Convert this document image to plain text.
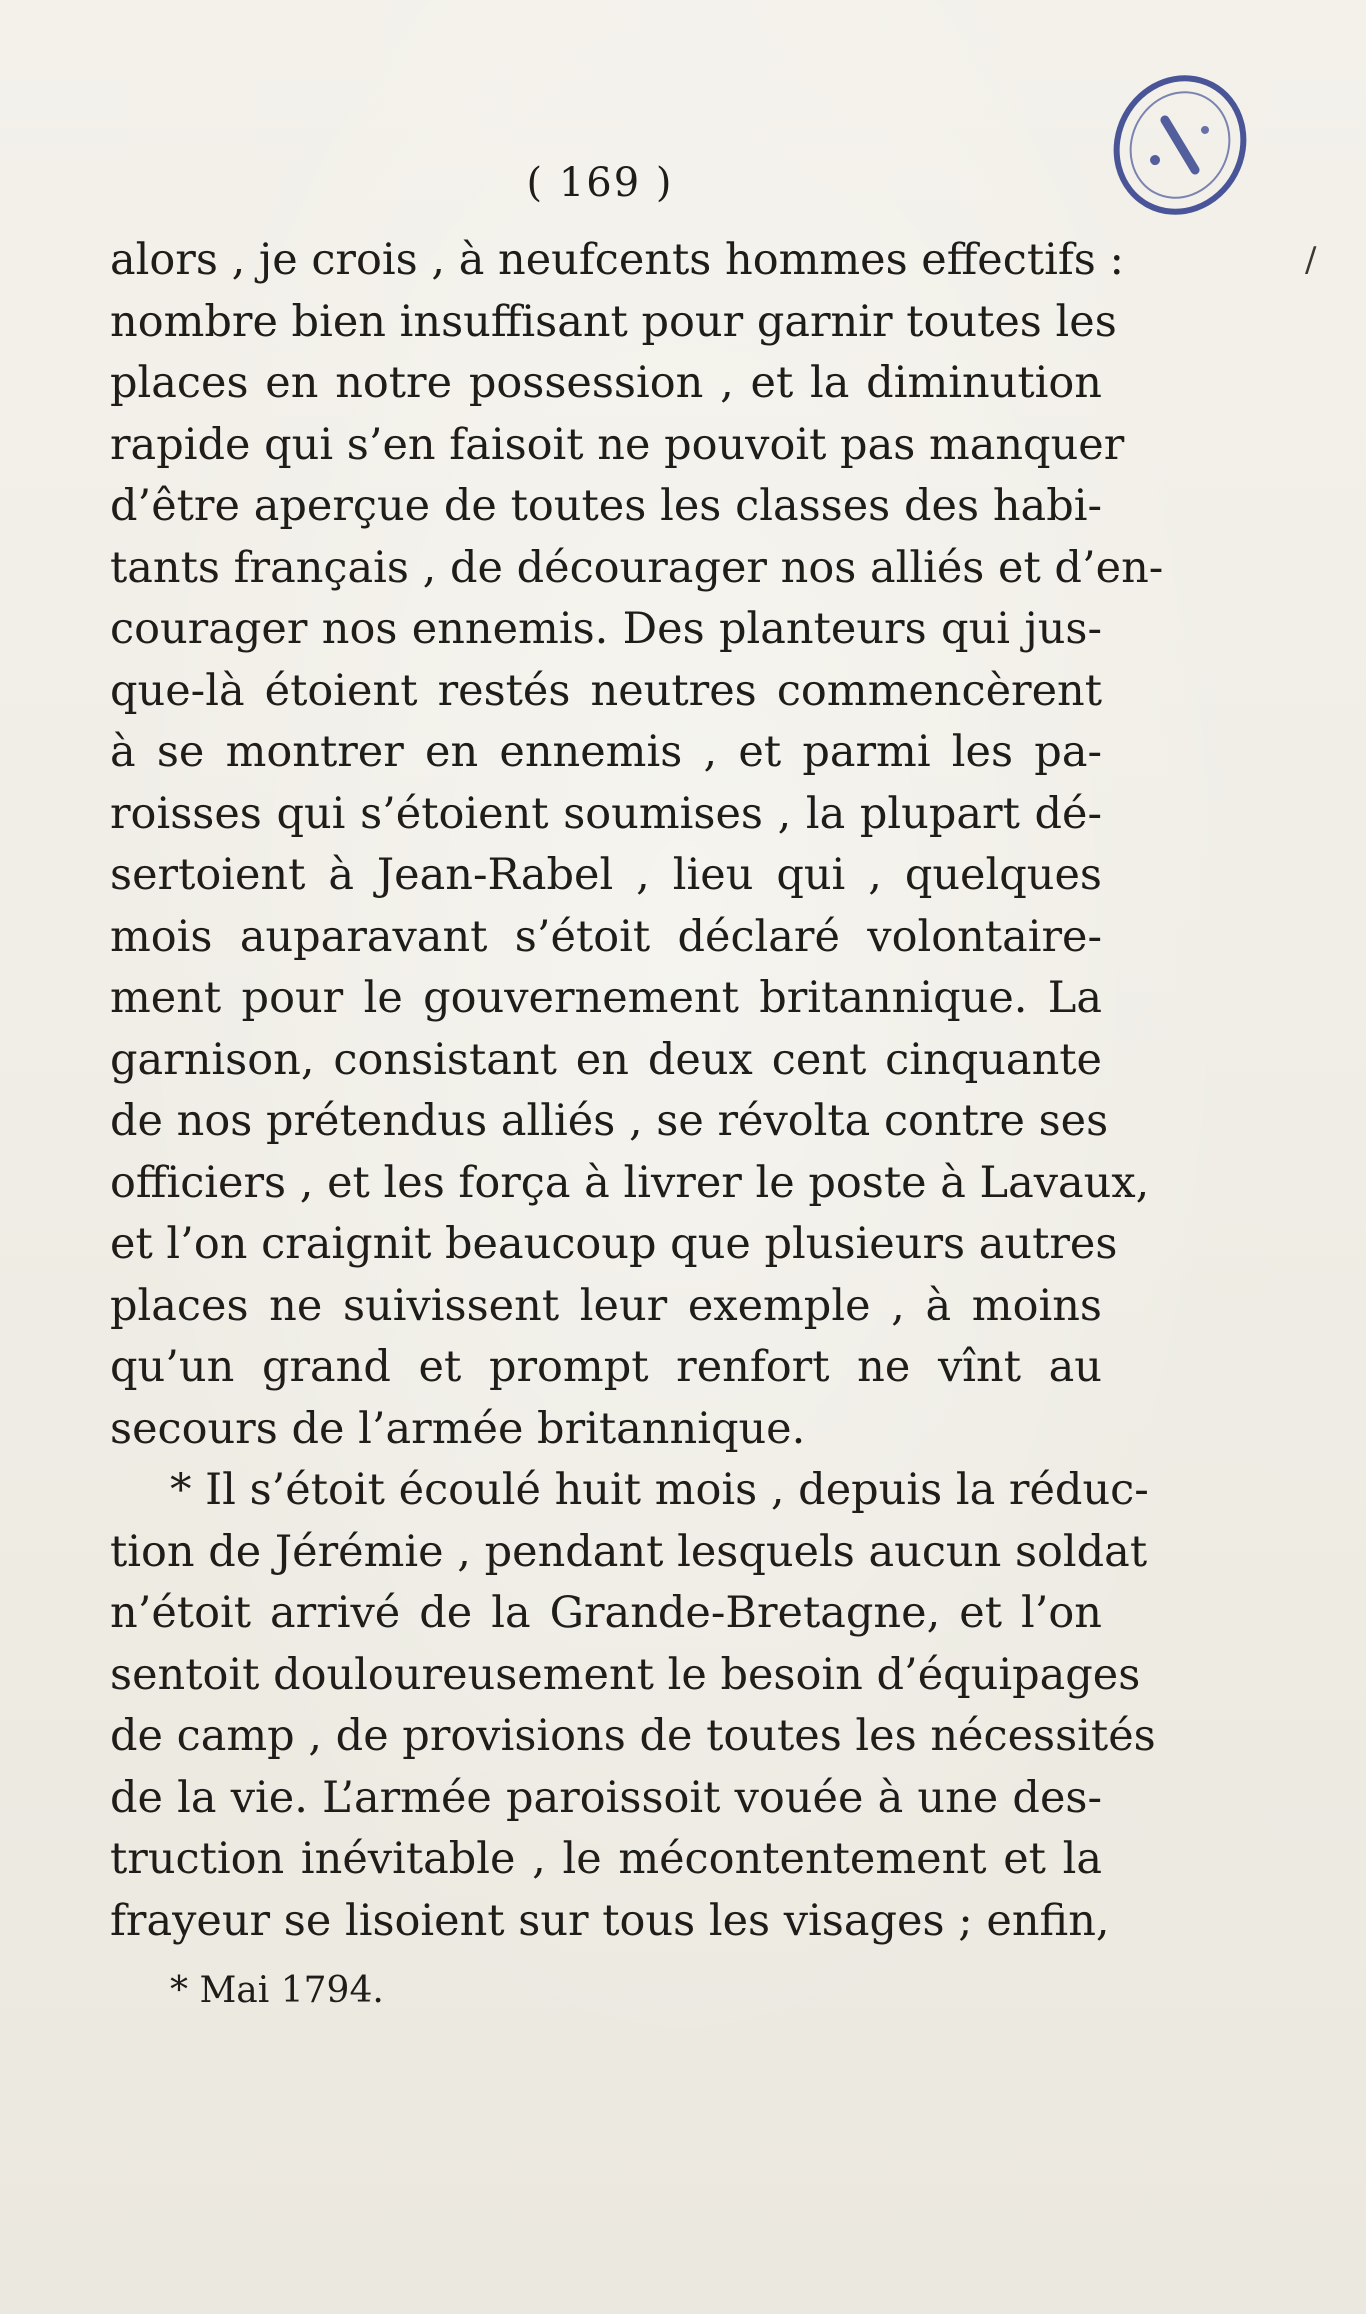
( 169 )
alors , je crois , à neufcents hommes effectifs :
nombre bien insuffisant pour garnir toutes les
places en notre possession , et la diminution
rapide qui s’en faisoit ne pouvoit pas manquer
d’être aperçue de toutes les classes des habi-
tants français , de décourager nos alliés et d’en-
courager nos ennemis. Des planteurs qui jus-
que-là étoient restés neutres commencèrent
à se montrer en ennemis , et parmi les pa-
roisses qui s’étoient soumises , la plupart dé-
sertoient à Jean-Rabel , lieu qui , quelques
mois auparavant s’étoit déclaré volontaire-
ment pour le gouvernement britannique. La
garnison, consistant en deux cent cinquante
de nos prétendus alliés , se révolta contre ses
officiers , et les força à livrer le poste à Lavaux,
et l’on craignit beaucoup que plusieurs autres
places ne suivissent leur exemple , à moins
qu’un grand et prompt renfort ne vînt au
secours de l’armée britannique.
* Il s’étoit écoulé huit mois , depuis la réduc-
tion de Jérémie , pendant lesquels aucun soldat
n’étoit arrivé de la Grande-Bretagne, et l’on
sentoit douloureusement le besoin d’équipages
de camp , de provisions de toutes les nécessités
de la vie. L’armée paroissoit vouée à une des-
truction inévitable , le mécontentement et la
frayeur se lisoient sur tous les visages ; enfin,
* Mai 1794.
/
